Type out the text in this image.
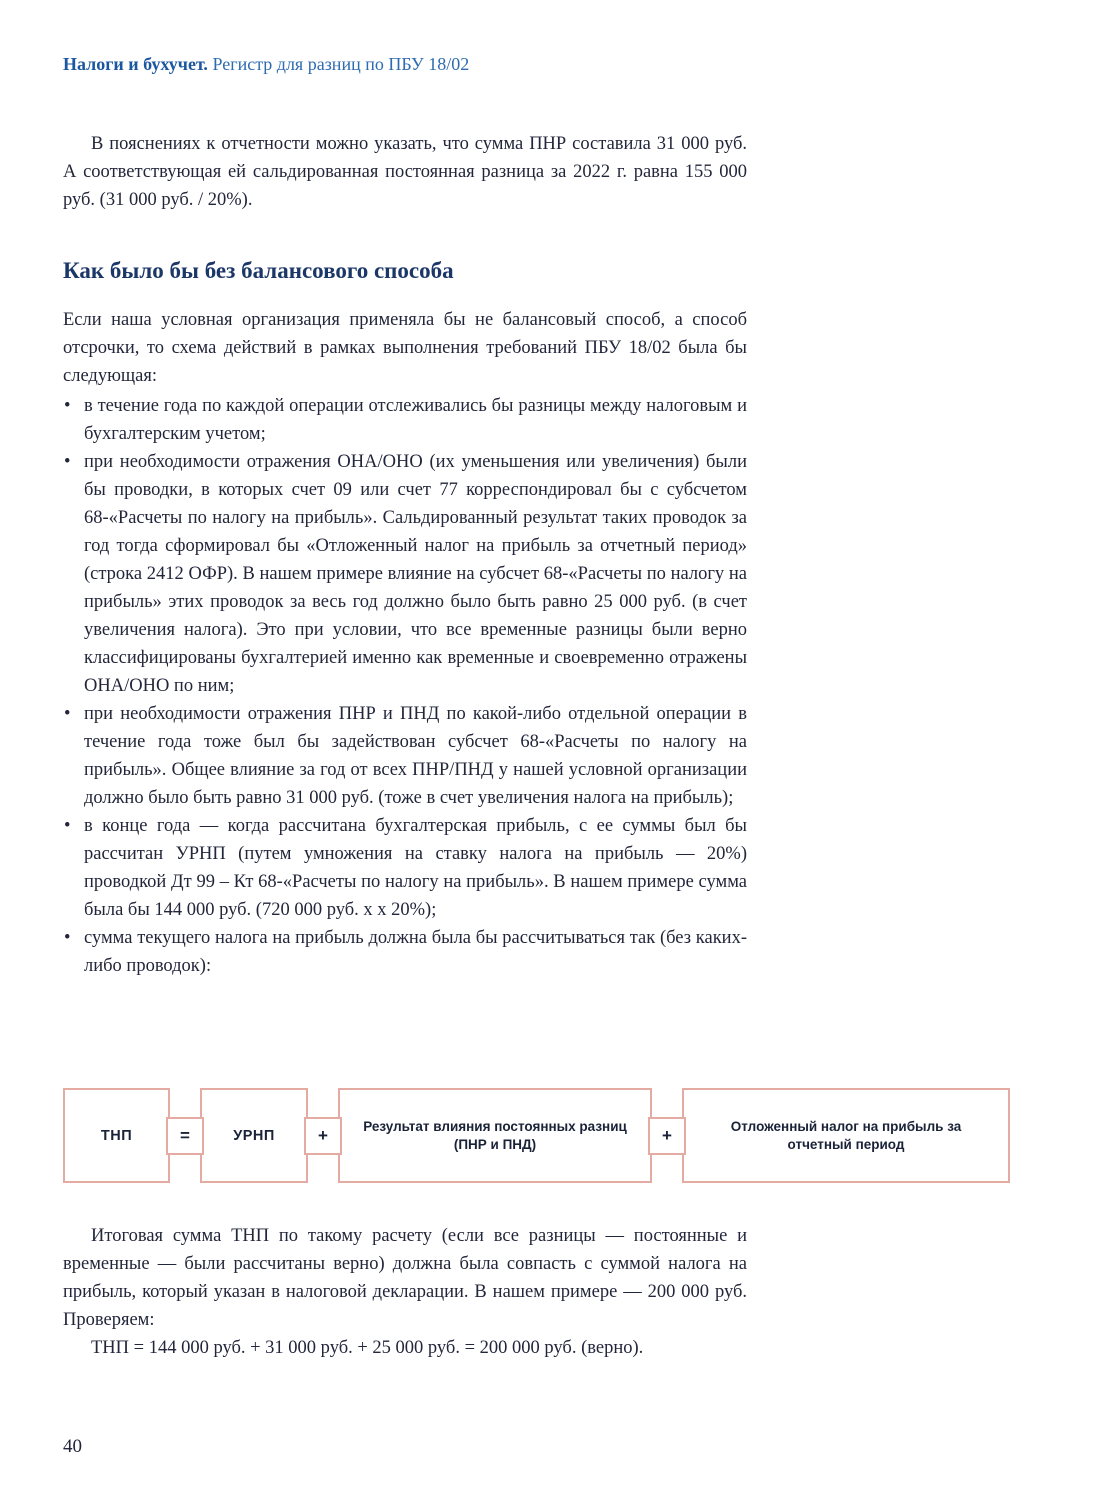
Налоги и бухучет. Регистр для разниц по ПБУ 18/02

В пояснениях к отчетности можно указать, что сумма ПНР составила 31 000 руб. А соответствующая ей сальдированная постоянная разница за 2022 г. равна 155 000 руб. (31 000 руб. / 20%).

Как было бы без балансового способа

Если наша условная организация применяла бы не балансовый способ, а способ отсрочки, то схема действий в рамках выполнения требований ПБУ 18/02 была бы следующая:

• в течение года по каждой операции отслеживались бы разницы между налоговым и бухгалтерским учетом;
• при необходимости отражения ОНА/ОНО (их уменьшения или увеличения) были бы проводки, в которых счет 09 или счет 77 корреспондировал бы с субсчетом 68-«Расчеты по налогу на прибыль». Сальдированный результат таких проводок за год тогда сформировал бы «Отложенный налог на прибыль за отчетный период» (строка 2412 ОФР). В нашем примере влияние на субсчет 68-«Расчеты по налогу на прибыль» этих проводок за весь год должно было быть равно 25 000 руб. (в счет увеличения налога). Это при условии, что все временные разницы были верно классифицированы бухгалтерией именно как временные и своевременно отражены ОНА/ОНО по ним;
• при необходимости отражения ПНР и ПНД по какой-либо отдельной операции в течение года тоже был бы задействован субсчет 68-«Расчеты по налогу на прибыль». Общее влияние за год от всех ПНР/ПНД у нашей условной организации должно было быть равно 31 000 руб. (тоже в счет увеличения налога на прибыль);
• в конце года — когда рассчитана бухгалтерская прибыль, с ее суммы был бы рассчитан УРНП (путем умножения на ставку налога на прибыль — 20%) проводкой Дт 99 – Кт 68-«Расчеты по налогу на прибыль». В нашем примере сумма была бы 144 000 руб. (720 000 руб. х х 20%);
• сумма текущего налога на прибыль должна была бы рассчитываться так (без каких-либо проводок):
ТНП	=	УРНП	+	Результат влияния постоянных разниц (ПНР и ПНД)	+	Отложенный налог на прибыль за отчетный период

Итоговая сумма ТНП по такому расчету (если все разницы — постоянные и временные — были рассчитаны верно) должна была совпасть с суммой налога на прибыль, который указан в налоговой декларации. В нашем примере — 200 000 руб. Проверяем:

ТНП = 144 000 руб. + 31 000 руб. + 25 000 руб. = 200 000 руб. (верно).

40
